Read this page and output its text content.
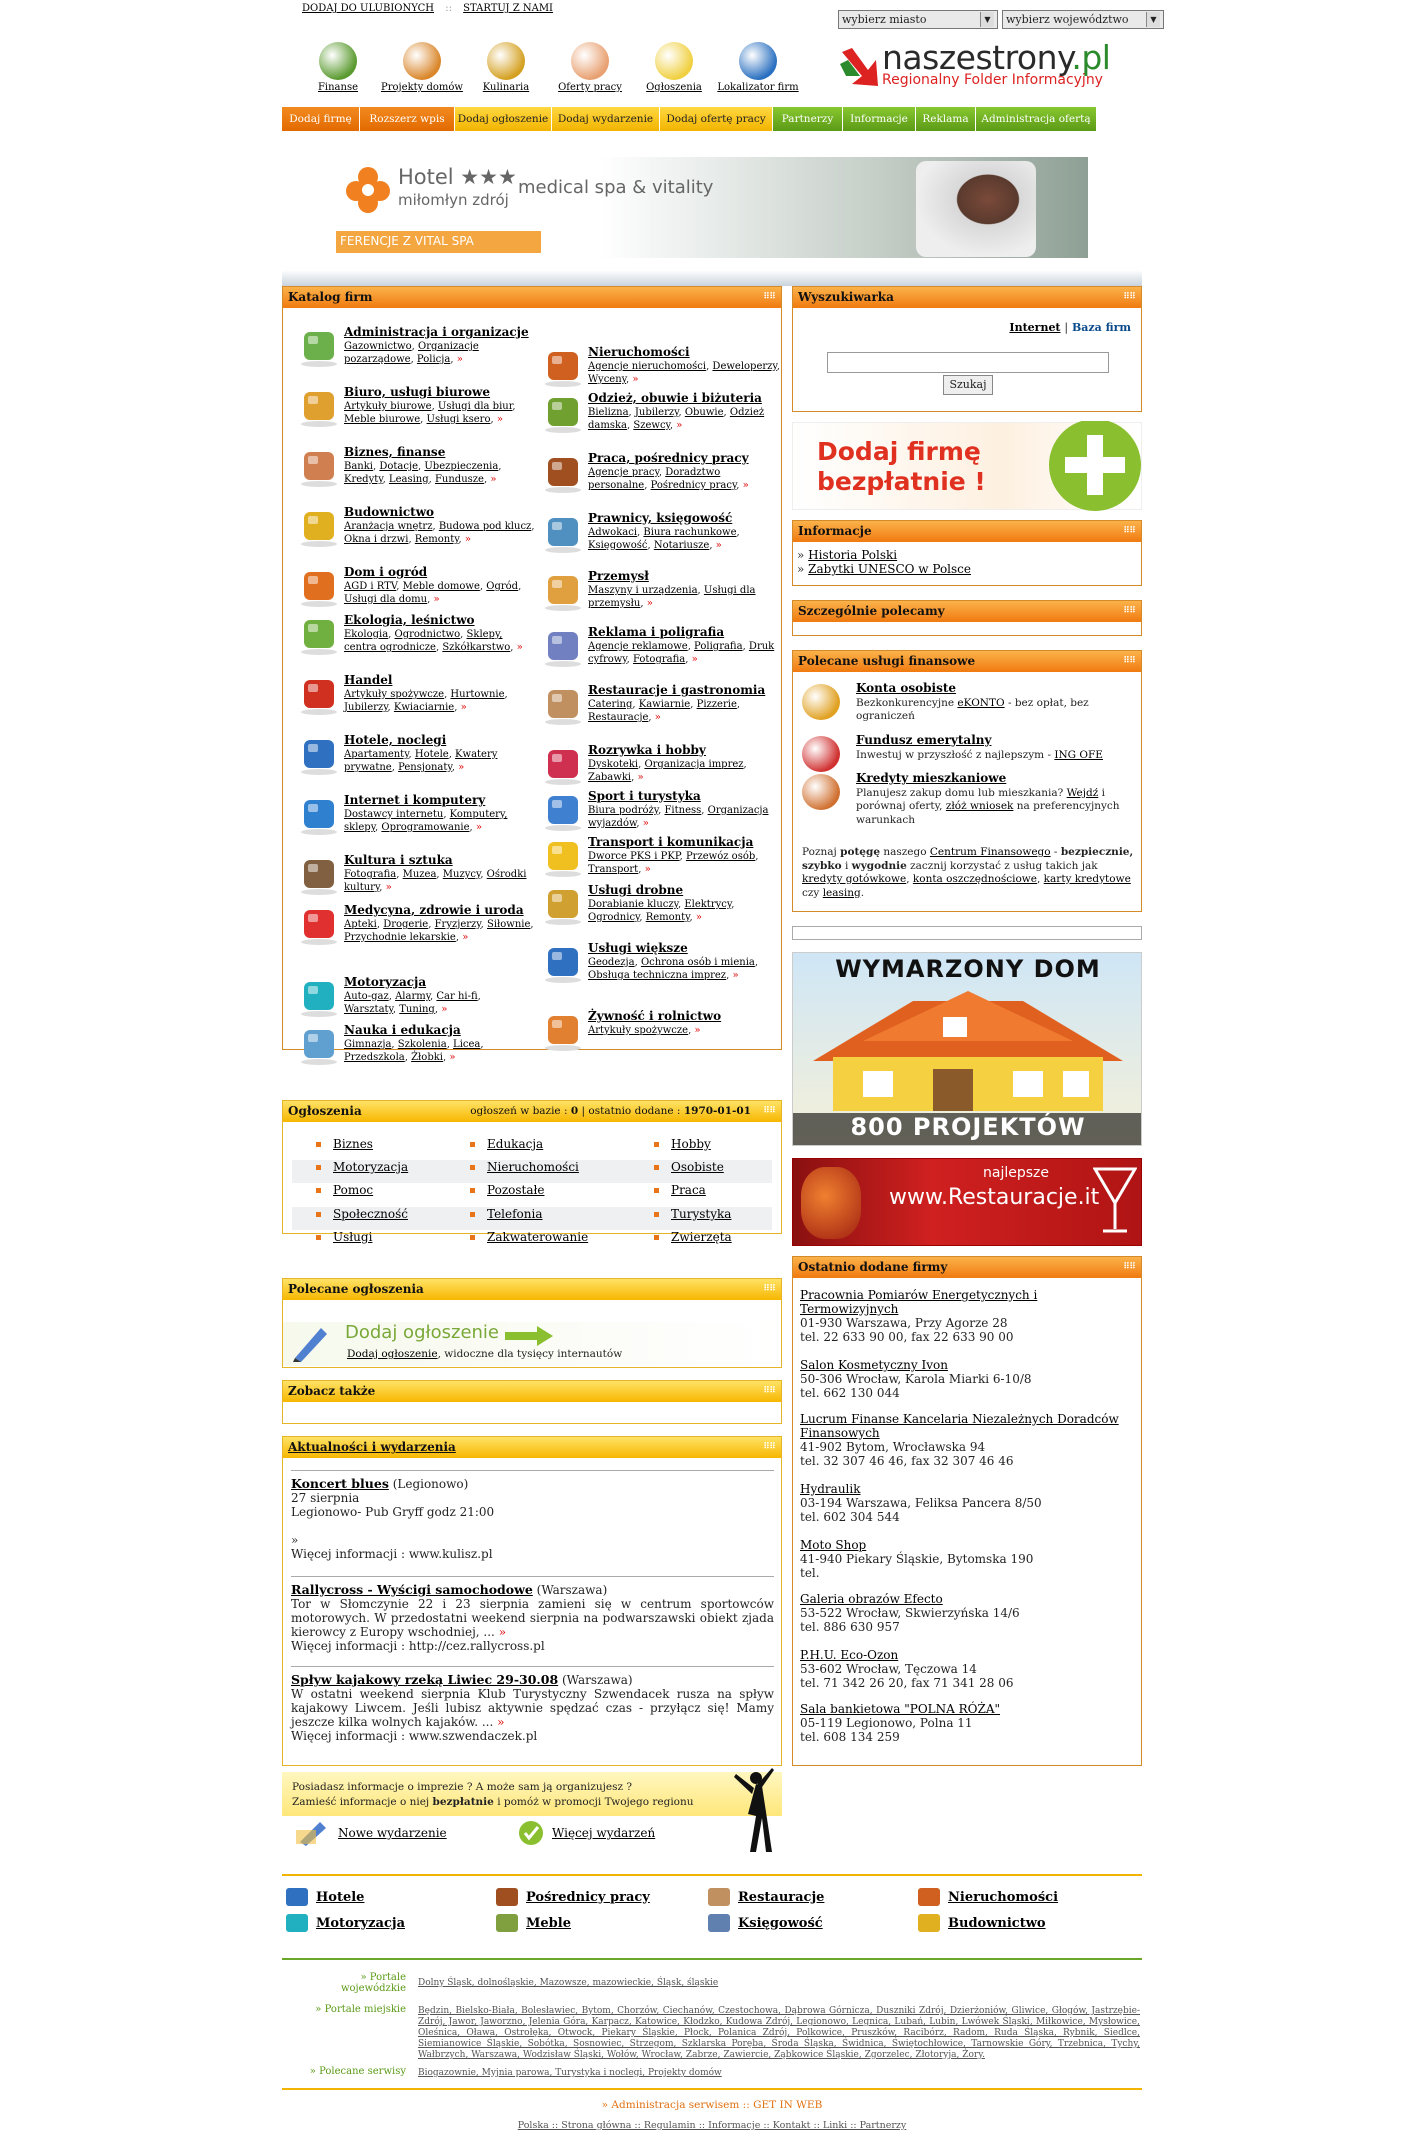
DODAJ DO ULUBIONYCH :: STARTUJ Z NAMI
wybierz miasto	▼	wybierz województwo	▼
Finanse	Projekty domów	Kulinaria	Oferty pracy	Ogłoszenia	Lokalizator firm
naszestrony.pl
Regionalny Folder Informacyjny
Dodaj firmę	Rozszerz wpis	Dodaj ogłoszenie Dodaj wydarzenie	Dodaj ofertę pracy	Partnerzy	Informacje	Reklama	Administracja ofertą
Hotel ★★★
miłomłyn zdrój
medical spa & vitality
FERENCJE Z VITAL SPA
Katalog firm	⠿⠿
Administracja i organizacje
Gazownictwo, Organizacje pozarządowe, Policja, »
Biuro, usługi biurowe
Artykuły biurowe, Usługi dla biur, Meble biurowe, Usługi ksero, »
Biznes, finanse
Banki, Dotacje, Ubezpieczenia, Kredyty, Leasing, Fundusze, »
Budownictwo
Aranżacja wnętrz, Budowa pod klucz, Okna i drzwi, Remonty, »
Dom i ogród
AGD i RTV, Meble domowe, Ogród, Usługi dla domu, »
Ekologia, leśnictwo
Ekologia, Ogrodnictwo, Sklepy, centra ogrodnicze, Szkółkarstwo, »
Handel
Artykuły spożywcze, Hurtownie, Jubilerzy, Kwiaciarnie, »
Hotele, noclegi
Apartamenty, Hotele, Kwatery prywatne, Pensjonaty, »
Internet i komputery
Dostawcy internetu, Komputery, sklepy, Oprogramowanie, »
Kultura i sztuka
Fotografia, Muzea, Muzycy, Ośrodki kultury, »
Medycyna, zdrowie i uroda
Apteki, Drogerie, Fryzjerzy, Siłownie, Przychodnie lekarskie, »
Motoryzacja
Auto-gaz, Alarmy, Car hi-fi, Warsztaty, Tuning, »
Nauka i edukacja
Gimnazja, Szkolenia, Licea, Przedszkola, Żłobki, »
Nieruchomości
Agencje nieruchomości, Deweloperzy, Wyceny, »
Odzież, obuwie i biżuteria
Bielizna, Jubilerzy, Obuwie, Odzież damska, Szewcy, »
Praca, pośrednicy pracy
Agencje pracy, Doradztwo personalne, Pośrednicy pracy, »
Prawnicy, księgowość
Adwokaci, Biura rachunkowe, Księgowość, Notariusze, »
Przemysł
Maszyny i urządzenia, Usługi dla przemysłu, »
Reklama i poligrafia
Agencje reklamowe, Poligrafia, Druk cyfrowy, Fotografia, »
Restauracje i gastronomia
Catering, Kawiarnie, Pizzerie, Restauracje, »
Rozrywka i hobby
Dyskoteki, Organizacja imprez, Zabawki, »
Sport i turystyka
Biura podróży, Fitness, Organizacja wyjazdów, »
Transport i komunikacja
Dworce PKS i PKP, Przewóz osób, Transport, »
Usługi drobne
Dorabianie kluczy, Elektrycy, Ogrodnicy, Remonty, »
Usługi większe
Geodezja, Ochrona osób i mienia, Obsługa techniczna imprez, »
Żywność i rolnictwo
Artykuły spożywcze, »
Ogłoszenia	ogłoszeń w bazie : 0 | ostatnio dodane : 1970-01-01 ⠿⠿
Biznes	Edukacja	Hobby
Motoryzacja	Nieruchomości	Osobiste
Pomoc	Pozostałe	Praca
Społeczność	Telefonia	Turystyka
Usługi	Zakwaterowanie	Zwierzęta
Polecane ogłoszenia	⠿⠿
Dodaj ogłoszenie
Dodaj ogłoszenie, widoczne dla tysięcy internautów
Zobacz także	⠿⠿
Aktualności i wydarzenia	⠿⠿
Koncert blues (Legionowo)
27 sierpnia
Legionowo- Pub Gryff godz 21:00

»
Więcej informacji : www.kulisz.pl
Rallycross - Wyścigi samochodowe (Warszawa)
Tor w Słomczynie 22 i 23 sierpnia zamieni się w centrum sportowców motorowych. W przedostatni weekend sierpnia na podwarszawski obiekt zjada kierowcy z Europy wschodniej, ... »
Więcej informacji : http://cez.rallycross.pl
Spływ kajakowy rzeką Liwiec 29-30.08 (Warszawa)
W ostatni weekend sierpnia Klub Turystyczny Szwendacek rusza na spływ kajakowy Liwcem. Jeśli lubisz aktywnie spędzać czas - przyłącz się! Mamy jeszcze kilka wolnych kajaków. ... »
Więcej informacji : www.szwendaczek.pl
Posiadasz informacje o imprezie ? A może sam ją organizujesz ?
Zamieść informacje o niej bezpłatnie i pomóż w promocji Twojego regionu
Nowe wydarzenie	Więcej wydarzeń
Wyszukiwarka	⠿⠿
Internet | Baza firm
Szukaj
Dodaj firmę
bezpłatnie !
Informacje	⠿⠿
» Historia Polski
» Zabytki UNESCO w Polsce
Szczególnie polecamy	⠿⠿
Polecane usługi finansowe	⠿⠿
Konta osobiste
Bezkonkurencyjne eKONTO - bez opłat, bez ograniczeń
Fundusz emerytalny
Inwestuj w przyszłość z najlepszym - ING OFE
Kredyty mieszkaniowe
Planujesz zakup domu lub mieszkania? Wejdź i porównaj oferty, złóż wniosek na preferencyjnych warunkach
Poznaj potęgę naszego Centrum Finansowego - bezpiecznie, szybko i wygodnie zacznij korzystać z usług takich jak kredyty gotówkowe, konta oszczędnościowe, karty kredytowe czy leasing.
WYMARZONY DOM
800 PROJEKTÓW
najlepsze
www.Restauracje.it
Ostatnio dodane firmy	⠿⠿
Pracownia Pomiarów Energetycznych i Termowizyjnych
01-930 Warszawa, Przy Agorze 28
tel. 22 633 90 00, fax 22 633 90 00
Salon Kosmetyczny Ivon
50-306 Wrocław, Karola Miarki 6-10/8
tel. 662 130 044
Lucrum Finanse Kancelaria Niezależnych Doradców Finansowych
41-902 Bytom, Wrocławska 94
tel. 32 307 46 46, fax 32 307 46 46
Hydraulik
03-194 Warszawa, Feliksa Pancera 8/50
tel. 602 304 544
Moto Shop
41-940 Piekary Śląskie, Bytomska 190
tel.
Galeria obrazów Efecto
53-522 Wrocław, Skwierzyńska 14/6
tel. 886 630 957
P.H.U. Eco-Ozon
53-602 Wrocław, Tęczowa 14
tel. 71 342 26 20, fax 71 341 28 06
Sala bankietowa "POLNA RÓŻA"
05-119 Legionowo, Polna 11
tel. 608 134 259
Hotele	Pośrednicy pracy	Restauracje	Nieruchomości
Motoryzacja	Meble	Księgowość	Budownictwo
» Portale wojewódzkie Dolny Śląsk, dolnośląskie, Mazowsze, mazowieckie, Śląsk, śląskie
» Portale miejskie Będzin, Bielsko-Biała, Bolesławiec, Bytom, Chorzów, Ciechanów, Czestochowa, Dąbrowa Górnicza, Duszniki Zdrój, Dzierżoniów, Gliwice, Głogów, Jastrzębie-Zdrój, Jawor, Jaworzno, Jelenia Góra, Karpacz, Katowice, Kłodzko, Kudowa Zdrój, Legionowo, Legnica, Lubań, Lubin, Lwówek Śląski, Miłkowice, Mysłowice, Oleśnica, Oława, Ostrołęka, Otwock, Piekary Śląskie, Płock, Polanica Zdrój, Polkowice, Pruszków, Racibórz, Radom, Ruda Śląska, Rybnik, Siedlce, Siemianowice Śląskie, Sobótka, Sosnowiec, Strzegom, Szklarska Poręba, Środa Śląska, Świdnica, Świętochłowice, Tarnowskie Góry, Trzebnica, Tychy, Wałbrzych, Warszawa, Wodzisław Śląski, Wołów, Wrocław, Zabrze, Zawiercie, Ząbkowice Śląskie, Zgorzelec, Złotoryja, Żory.
» Polecane serwisy Biogazownie, Myjnia parowa, Turystyka i noclegi, Projekty domów
» Administracja serwisem :: GET IN WEB
Polska :: Strona główna :: Regulamin :: Informacje :: Kontakt :: Linki :: Partnerzy
